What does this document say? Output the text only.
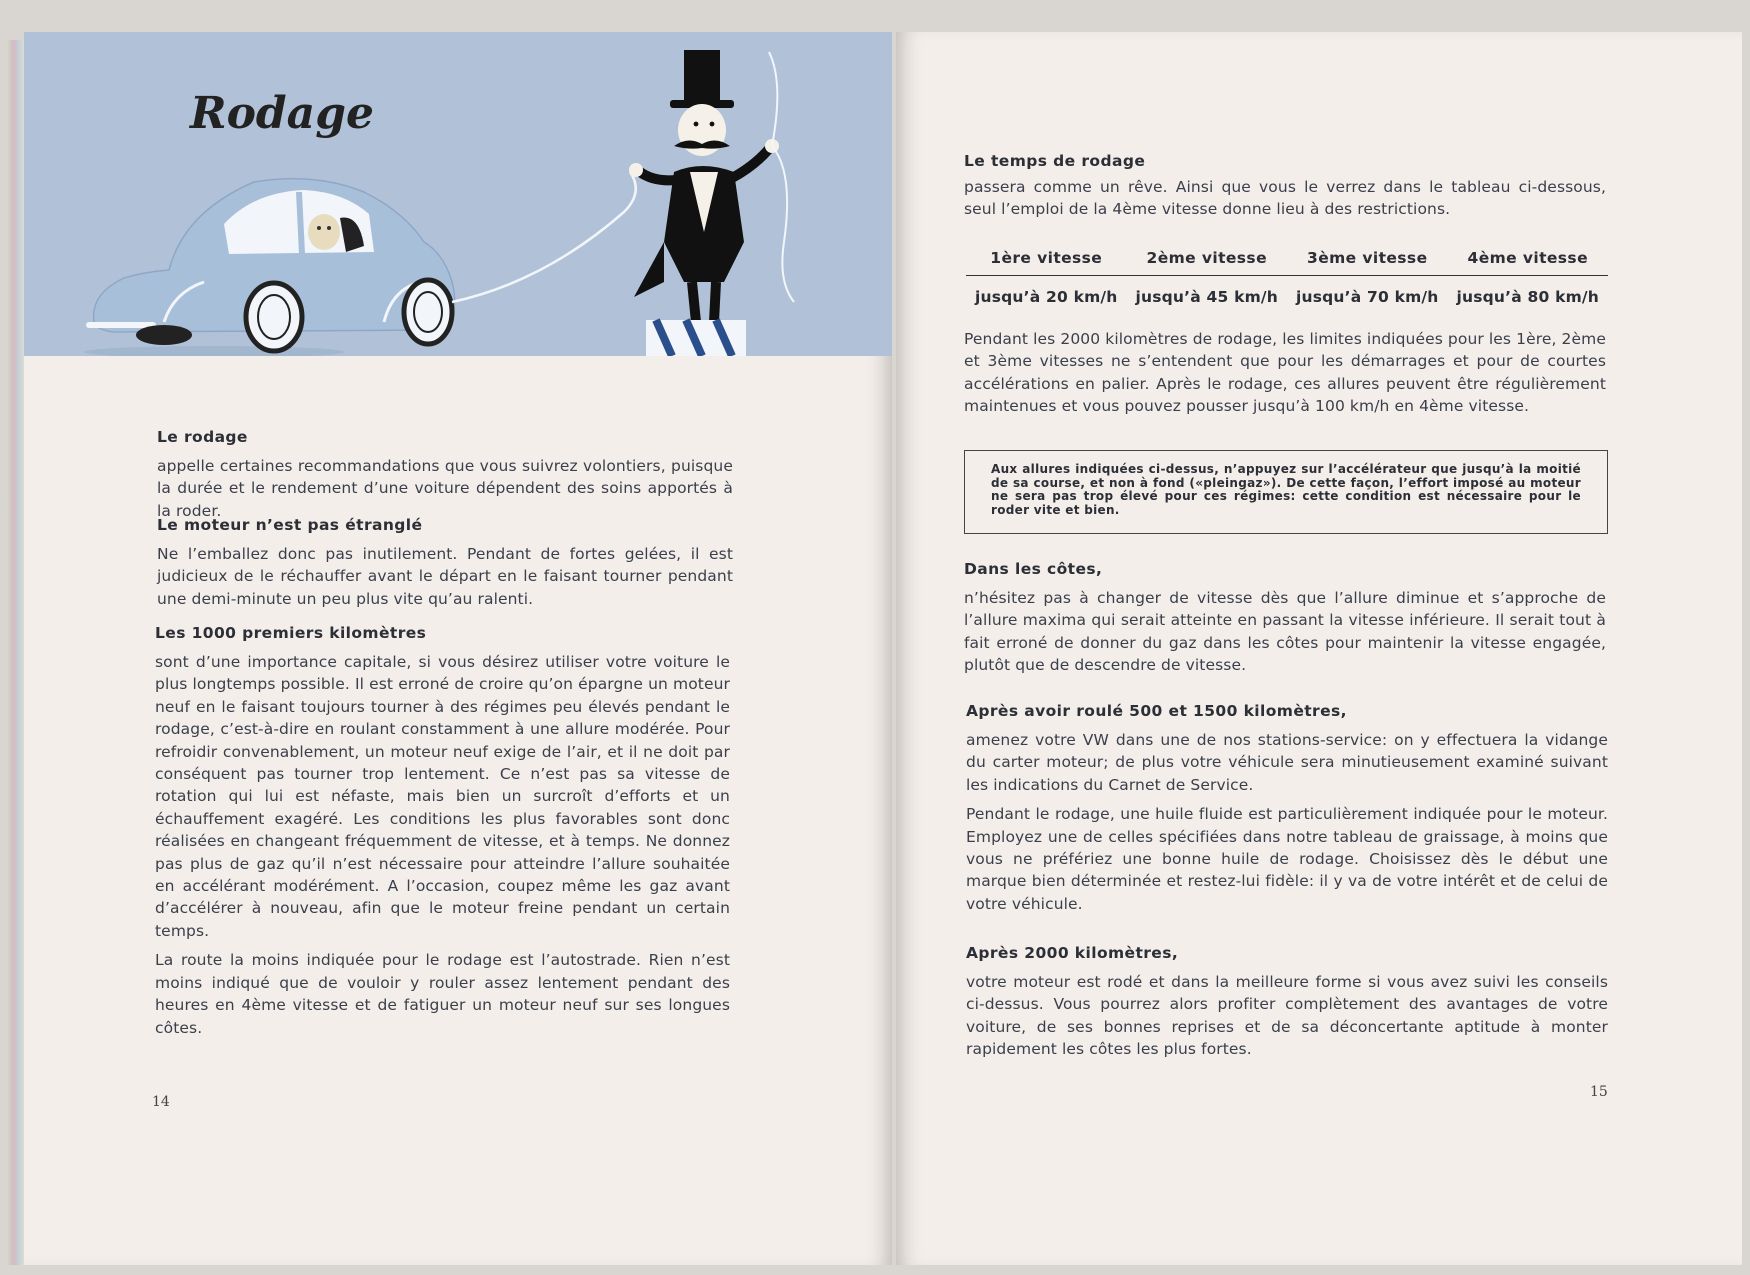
Rodage
Le rodage
appelle certaines recommandations que vous suivrez volontiers, puisque la durée et le rendement d’une voiture dépendent des soins apportés à la roder.
Le moteur n’est pas étranglé
Ne l’emballez donc pas inutilement. Pendant de fortes gelées, il est judicieux de le réchauffer avant le départ en le faisant tourner pendant une demi-minute un peu plus vite qu’au ralenti.
Les 1000 premiers kilomètres
sont d’une importance capitale, si vous désirez utiliser votre voiture le plus longtemps possible. Il est erroné de croire qu’on épargne un moteur neuf en le faisant toujours tourner à des régimes peu élevés pendant le rodage, c’est-à-dire en roulant constamment à une allure modérée. Pour refroidir convenablement, un moteur neuf exige de l’air, et il ne doit par conséquent pas tourner trop lentement. Ce n’est pas sa vitesse de rotation qui lui est néfaste, mais bien un surcroît d’efforts et un échauffement exagéré. Les conditions les plus favorables sont donc réalisées en changeant fréquemment de vitesse, et à temps. Ne donnez pas plus de gaz qu’il n’est nécessaire pour atteindre l’allure souhaitée en accélérant modérément. A l’occasion, coupez même les gaz avant d’accélérer à nouveau, afin que le moteur freine pendant un certain temps.
La route la moins indiquée pour le rodage est l’autostrade. Rien n’est moins indiqué que de vouloir y rouler assez lentement pendant des heures en 4ème vitesse et de fatiguer un moteur neuf sur ses longues côtes.
14
Le temps de rodage
passera comme un rêve. Ainsi que vous le verrez dans le tableau ci-dessous, seul l’emploi de la 4ème vitesse donne lieu à des restrictions.
1ère vitesse	2ème vitesse	3ème vitesse	4ème vitesse
jusqu’à 20 km/h	jusqu’à 45 km/h	jusqu’à 70 km/h	jusqu’à 80 km/h
Pendant les 2000 kilomètres de rodage, les limites indiquées pour les 1ère, 2ème et 3ème vitesses ne s’entendent que pour les démarrages et pour de courtes accélérations en palier. Après le rodage, ces allures peuvent être régulièrement maintenues et vous pouvez pousser jusqu’à 100 km/h en 4ème vitesse.
Aux allures indiquées ci-dessus, n’appuyez sur l’accélérateur que jusqu’à la moitié de sa course, et non à fond («pleingaz»). De cette façon, l’effort imposé au moteur ne sera pas trop élevé pour ces régimes: cette condition est nécessaire pour le roder vite et bien.
Dans les côtes,
n’hésitez pas à changer de vitesse dès que l’allure diminue et s’approche de l’allure maxima qui serait atteinte en passant la vitesse inférieure. Il serait tout à fait erroné de donner du gaz dans les côtes pour maintenir la vitesse engagée, plutôt que de descendre de vitesse.
Après avoir roulé 500 et 1500 kilomètres,
amenez votre VW dans une de nos stations-service: on y effectuera la vidange du carter moteur; de plus votre véhicule sera minutieusement examiné suivant les indications du Carnet de Service.
Pendant le rodage, une huile fluide est particulièrement indiquée pour le moteur. Employez une de celles spécifiées dans notre tableau de graissage, à moins que vous ne préfériez une bonne huile de rodage. Choisissez dès le début une marque bien déterminée et restez-lui fidèle: il y va de votre intérêt et de celui de votre véhicule.
Après 2000 kilomètres,
votre moteur est rodé et dans la meilleure forme si vous avez suivi les conseils ci-dessus. Vous pourrez alors profiter complètement des avantages de votre voiture, de ses bonnes reprises et de sa déconcertante aptitude à monter rapidement les côtes les plus fortes.
15
